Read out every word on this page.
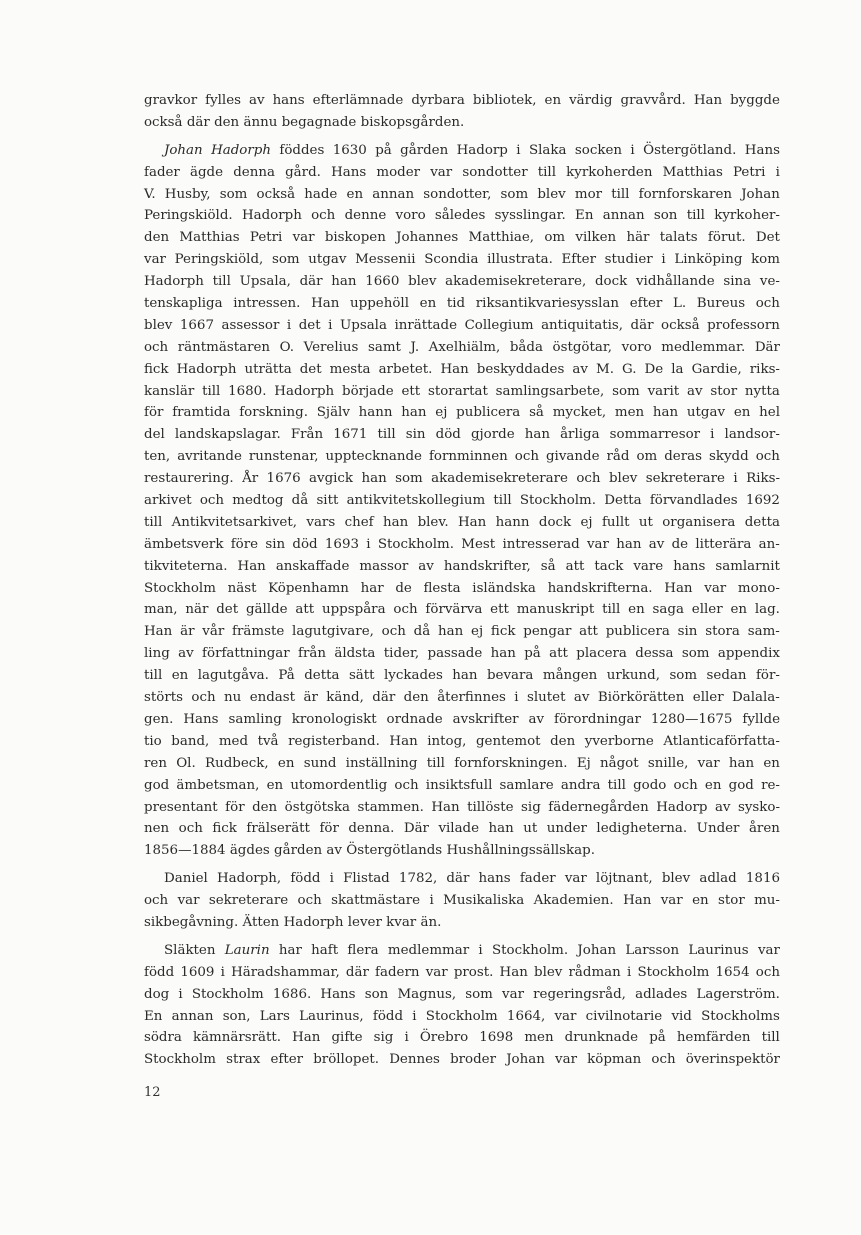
gravkor fylles av hans efterlämnade dyrbara bibliotek, en värdig gravvård. Han byggde
också där den ännu begagnade biskopsgården.
Johan Hadorph föddes 1630 på gården Hadorp i Slaka socken i Östergötland. Hans
fader ägde denna gård. Hans moder var sondotter till kyrkoherden Matthias Petri i
V. Husby, som också hade en annan sondotter, som blev mor till fornforskaren Johan
Peringskiöld. Hadorph och denne voro således sysslingar. En annan son till kyrkoher-
den Matthias Petri var biskopen Johannes Matthiae, om vilken här talats förut. Det
var Peringskiöld, som utgav Messenii Scondia illustrata. Efter studier i Linköping kom
Hadorph till Upsala, där han 1660 blev akademisekreterare, dock vidhållande sina ve-
tenskapliga intressen. Han uppehöll en tid riksantikvariesysslan efter L. Bureus och
blev 1667 assessor i det i Upsala inrättade Collegium antiquitatis, där också professorn
och räntmästaren O. Verelius samt J. Axelhiälm, båda östgötar, voro medlemmar. Där
fick Hadorph uträtta det mesta arbetet. Han beskyddades av M. G. De la Gardie, riks-
kanslär till 1680. Hadorph började ett storartat samlingsarbete, som varit av stor nytta
för framtida forskning. Själv hann han ej publicera så mycket, men han utgav en hel
del landskapslagar. Från 1671 till sin död gjorde han årliga sommarresor i landsor-
ten, avritande runstenar, upptecknande fornminnen och givande råd om deras skydd och
restaurering. År 1676 avgick han som akademisekreterare och blev sekreterare i Riks-
arkivet och medtog då sitt antikvitetskollegium till Stockholm. Detta förvandlades 1692
till Antikvitetsarkivet, vars chef han blev. Han hann dock ej fullt ut organisera detta
ämbetsverk före sin död 1693 i Stockholm. Mest intresserad var han av de litterära an-
tikviteterna. Han anskaffade massor av handskrifter, så att tack vare hans samlarnit
Stockholm näst Köpenhamn har de flesta isländska handskrifterna. Han var mono-
man, när det gällde att uppspåra och förvärva ett manuskript till en saga eller en lag.
Han är vår främste lagutgivare, och då han ej fick pengar att publicera sin stora sam-
ling av författningar från äldsta tider, passade han på att placera dessa som appendix
till en lagutgåva. På detta sätt lyckades han bevara mången urkund, som sedan för-
störts och nu endast är känd, där den återfinnes i slutet av Biörkörätten eller Dalala-
gen. Hans samling kronologiskt ordnade avskrifter av förordningar 1280—1675 fyllde
tio band, med två registerband. Han intog, gentemot den yverborne Atlanticaförfatta-
ren Ol. Rudbeck, en sund inställning till fornforskningen. Ej något snille, var han en
god ämbetsman, en utomordentlig och insiktsfull samlare andra till godo och en god re-
presentant för den östgötska stammen. Han tillöste sig fädernegården Hadorp av sysko-
nen och fick frälserätt för denna. Där vilade han ut under ledigheterna. Under åren
1856—1884 ägdes gården av Östergötlands Hushållningssällskap.
Daniel Hadorph, född i Flistad 1782, där hans fader var löjtnant, blev adlad 1816
och var sekreterare och skattmästare i Musikaliska Akademien. Han var en stor mu-
sikbegåvning. Ätten Hadorph lever kvar än.
Släkten Laurin har haft flera medlemmar i Stockholm. Johan Larsson Laurinus var
född 1609 i Häradshammar, där fadern var prost. Han blev rådman i Stockholm 1654 och
dog i Stockholm 1686. Hans son Magnus, som var regeringsråd, adlades Lagerström.
En annan son, Lars Laurinus, född i Stockholm 1664, var civilnotarie vid Stockholms
södra kämnärsrätt. Han gifte sig i Örebro 1698 men drunknade på hemfärden till
Stockholm strax efter bröllopet. Dennes broder Johan var köpman och överinspektör
12
